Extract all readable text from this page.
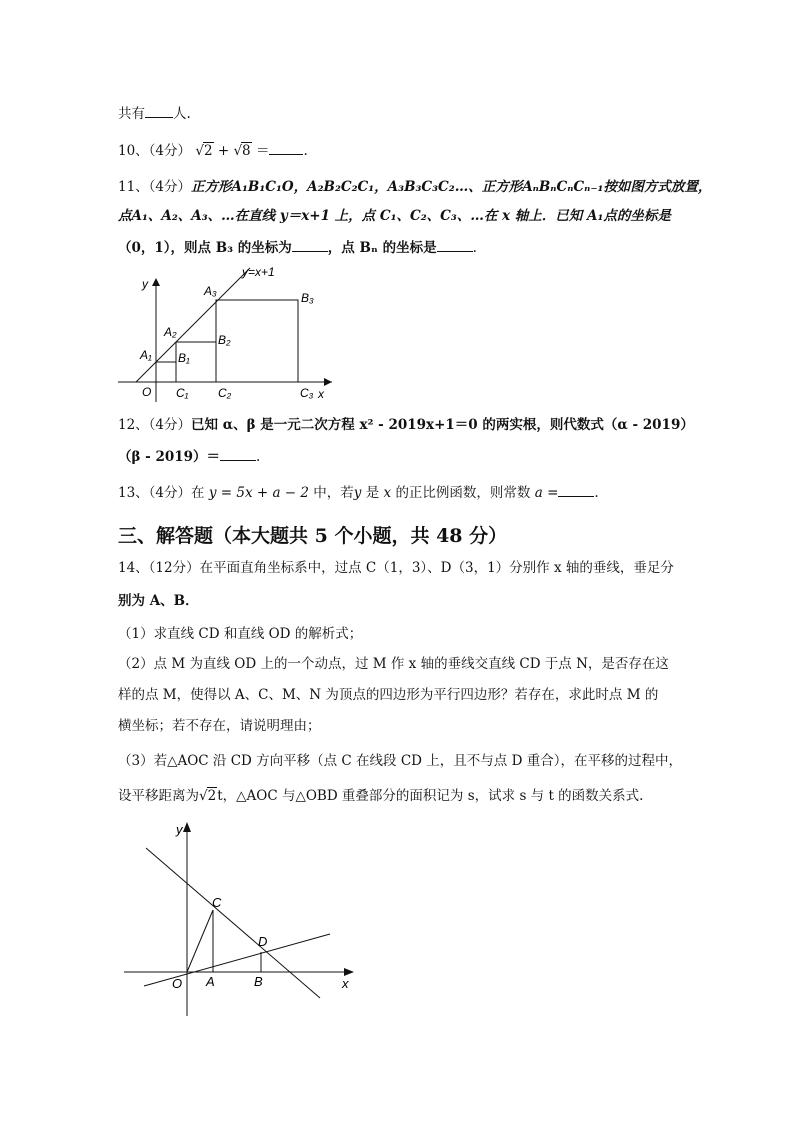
共有 人.
10、（4分） √2 + √8 ＝	.
11、（4分）正方形A₁B₁C₁O，A₂B₂C₂C₁，A₃B₃C₃C₂…、正方形AₙBₙCₙCₙ₋₁按如图方式放置，
点A₁、A₂、A₃、…在直线 y＝x+1 上，点 C₁、C₂、C₃、…在 x 轴上．已知 A₁点的坐标是
（0，1），则点 B₃ 的坐标为	，点 Bₙ 的坐标是	.
y=x+1
y
x
O
A₁
A₂
A₃
B₁
B₂
B₃
C₁ C₂	C₃
12、（4分）已知 α、β 是一元二次方程 x² - 2019x+1＝0 的两实根，则代数式（α - 2019）
（β - 2019）＝	.
13、（4分）在 y = 5x + a − 2 中，若y 是 x 的正比例函数，则常数 a =	.
三、解答题（本大题共 5 个小题，共 48 分）
14、（12分）在平面直角坐标系中，过点 C（1，3）、D（3，1）分别作 x 轴的垂线，垂足分
别为 A、B．
（1）求直线 CD 和直线 OD 的解析式；
（2）点 M 为直线 OD 上的一个动点，过 M 作 x 轴的垂线交直线 CD 于点 N，是否存在这
样的点 M，使得以 A、C、M、N 为顶点的四边形为平行四边形？若存在，求此时点 M 的
横坐标；若不存在，请说明理由；
（3）若△AOC 沿 CD 方向平移（点 C 在线段 CD 上，且不与点 D 重合），在平移的过程中，
设平移距离为√2t，△AOC 与△OBD 重叠部分的面积记为 s，试求 s 与 t 的函数关系式.
y
x
O A	B
C
D
